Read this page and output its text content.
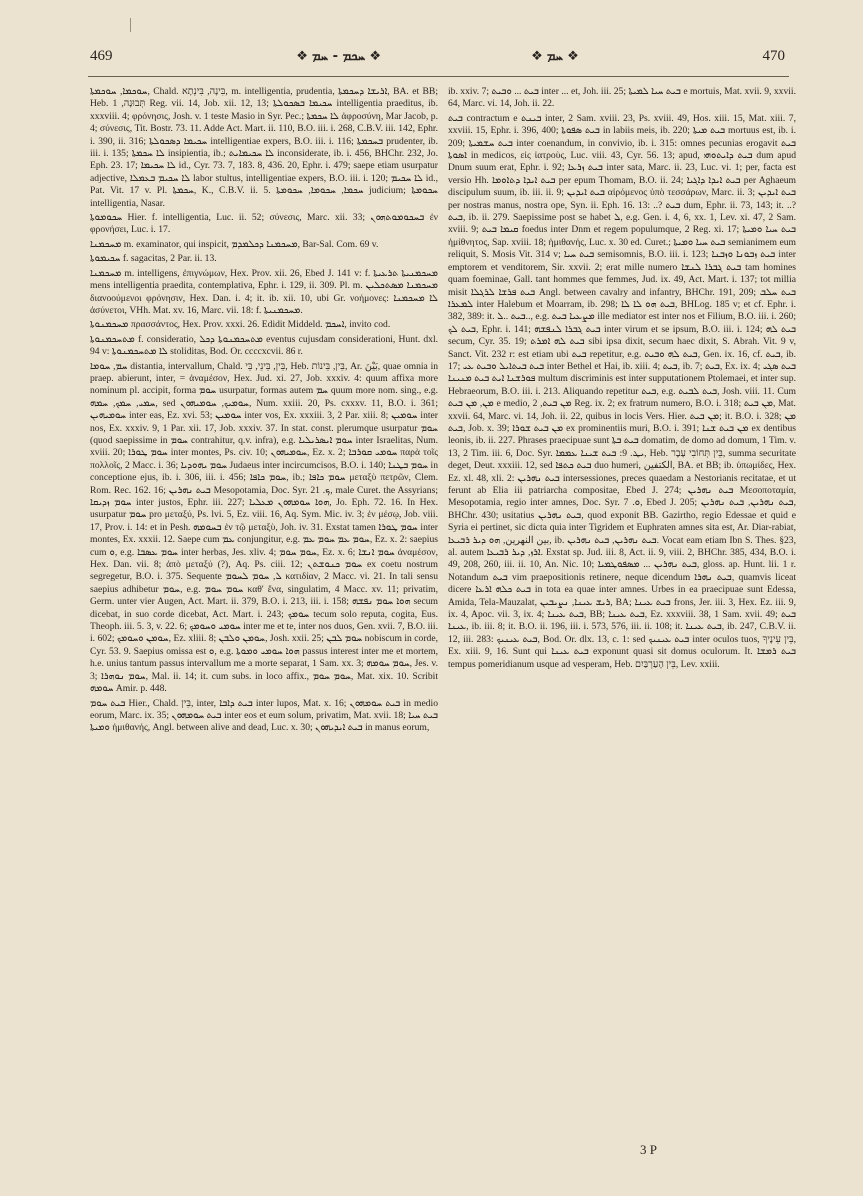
469	❖ ܚܟܡ - ܚܡ ❖	❖ ܚܡ ❖	470

ܚܘܟܡܐ, ܚܘܟܡܬܐ, Chald. בִּינָה, בִּינְתָא, m. intelligentia, prudentia, ܐܪܝܫܐ ܕܚܟܡܬܐ, BA. et BB; Heb. תְּבוּנָה, 1 Reg. vii. 14, Job. xii. 12, 13; ܚܟܝܡܐ ܒܣܟܘܠܬܐ intelligentia praeditus, ib. xxxviii. 4; φρόνησις, Josh. v. 1 teste Masio in Syr. Pec.; ܠܐ ܚܟܡܬܐ ἀφροσύνη, Mar Jacob, p. 4; σύνεσις, Tit. Bostr. 73. 11. Adde Act. Mart. ii. 110, B.O. iii. i. 268, C.B.V. iii. 142, Ephr. i. 390, ii. 316; ܚܟܝܡܐ ܕܣܟܘܠܬܐ intelligentiae expers, B.O. iii. i. 116; ܒܚܟܡܬܐ prudenter, ib. iii. i. 135; ܠܐ ܚܟܡܬܐ insipientia, ib.; ܠܐ ܚܟܝܡܐܝܬ inconsiderate, ib. i. 456, BHChr. 232, Jo. Eph. 23. 17; ܠܐ ܚܟܝܡܐ id., Cyr. 73. 7, 183. 8, 436. 20, Ephr. i. 479; saepe etiam usurpatur adjective, ܠܐ ܚܟܝܡ ܒܥܡܠܐ labor stultus, intelligentiae expers, B.O. iii. i. 120; ܠܐ ܚܟܝܡ id., Pat. Vit. 17 v. Pl. ܚܟܡܬܐ, K., C.B.V. ii. 5. ܚܟܡܐ, ܚܟܘܡܐ, ܚܟܘܡܬܐ judicium; ܚܟܘܡܬܐ intelligentia, Nasar.

ܚܟܘܡܘܬܐ Hier. f. intelligentia, Luc. ii. 52; σύνεσις, Marc. xii. 33; ܒܚܟܘܡܘܬܗܘܢ ἐν φρονήσει, Luc. i. 17.

ܡܚܟܡܢܐ m. examinator, qui inspicit, ܡܚܟܡܢܐ ܕܟܠܡܕܡ, Bar-Sal. Com. 69 v.

ܚܟܝܡܘܬܐ f. sagacitas, 2 Par. ii. 13.

ܡܚܟܡܢܐ m. intelligens, ἐπιγνώμων, Hex. Prov. xii. 26, Ebed J. 141 v: f. ܡܚܟܡܢܝܬܐ ܬܪܥܝܬܐ mens intelligentia praedita, contemplativa, Ephr. i. 129, ii. 309. Pl. m. ܡܚܟܡܢܐ ܡܣܬܟܠܝܢ διανοούμενοι φρόνησιν, Hex. Dan. i. 4; it. ib. xii. 10, ubi Gr. νοήμονες: ܠܐ ܡܚܟܡܢܐ ἀσύνετοι, VHh. Mat. xv. 16, Marc. vii. 18: f. ܡܚܟܡܢܝܬܐ.

ܡܚܟܡܢܘܬܐ πρασσάντος, Hex. Prov. xxxi. 26. Edidit Middeld. ܐܚܟܡ, invito cod.

ܡܬܚܟܡܢܘܬܐ f. consideratio, ܡܬܚܟܡܢܘܬܐ ܕܟܠ eventus cujusdam considerationi, Hunt. dxl. 94 v: ܠܐ ܡܬܚܟܡܢܘܬܐ stoliditas, Bod. Or. ccccxcvii. 86 r.

ܚܡ, ܚܘܡܐ distantia, intervallum, Chald. בֵּין, בֵּינֵי, בֵּי, Heb. בֵּין, בֵּינוֹת, Ar. بَيْنَ, quae omnia in praep. abierunt, inter, = ἀναμέσον, Hex. Jud. xi. 27, Job. xxxiv. 4: quum affixa more nominum pl. accipit, forma ܚܘܡ usurpatur, formas autem ܚܡ quum more nom. sing., e.g. ܚܡܝ, ܚܡܟ, ܚܡܗ, sed ܚܘܡܝܟ, ܚܘܡܝܗܘܢ, Num. xxiii. 20, Ps. cxxxv. 11, B.O. i. 361; ܚܘܡܝܗܝܢ inter eas, Ez. xvi. 53; ܚܘܡܝܢ inter vos, Ex. xxxiii. 3, 2 Par. xiii. 8; ܚܘܡܝܢ inter nos, Ex. xxxiv. 9, 1 Par. xii. 17, Job. xxxiv. 37. In stat. const. plerumque usurpatur ܚܘܡ (quod saepissime in ܚܘܡ contrahitur, q.v. infra), e.g. ܚܘܡ ܐܝܣܪܝܠܝܐ inter Israelitas, Num. xviii. 20; ܚܘܡ ܛܘܪܐ inter montes, Ps. civ. 10; ܚܘܡܝܗܘܢ, Ez. x. 2; ܚܘܡܝ ܩܘܪܒܐ παρὰ τοῖς πολλοῖς, 2 Macc. i. 36; ܚܘܡ ܝܗܘܕܝܐ Judaeus inter incircumcisos, B.O. i. 140; ܚܘܡ ܒܛܢܐ in conceptione ejus, ib. i. 306, iii. i. 456; ܚܘܡ ܟܐܦܐ, ib.; ܚܘܡ ܟܐܦܐ μεταξὺ πετρῶν, Clem. Rom. Rec. 162. 16; ܒܝܬ ܢܗܪܝܢ Mesopotamia, Doc. Syr. ܟ. 21, male Curet. the Assyrians; ܚܘܡ ܙܕܝܩܐ inter justos, Ephr. iii. 227; ܗܘܐ ܚܘܡܗܘܢ ܡܥܠܝܐ, Jo. Eph. 72. 16. In Hex. usurpatur ܚܘܡ pro μεταξύ, Ps. lvi. 5, Ez. viii. 16, Aq. Sym. Mic. iv. 3; ἐν μέσῳ, Job. viii. 17, Prov. i. 14: et in Pesh. ܒܚܘܡܗ ἐν τῷ μεταξὺ, Joh. iv. 31. Exstat tamen ܚܘܡ ܛܘܪܐ inter montes, Ex. xxxii. 12. Saepe cum ܥܡ conjungitur, e.g. ܚܘܡ ܥܡ ܚܘܡ ܥܡ, Ez. x. 2: saepius cum ܘ, e.g. ܚܘܡ ܥܣܒܐ inter herbas, Jes. xliv. 4; ܚܘܡ ܚܘܡ, Ez. x. 6; ܚܘܡ ܐܢܫܐ ἀναμέσον, Hex. Dan. vii. 8; ἀπὸ μεταξύ (?), Aq. Ps. ciii. 12; ܚܘܡ ܟܢܘܫܬܢ ex coetu nostrum segregetur, B.O. i. 375. Sequente ܠ, ܚܘܡ ܠܚܘܡ κατιδίαν, 2 Macc. vi. 21. In tali sensu saepius adhibetur ܚܘܡ, e.g. ܚܘܡ ܚܘܡ καθ' ἕνα, singulatim, 4 Macc. xv. 11; privatim, Germ. unter vier Augen, Act. Mart. ii. 379, B.O. i. 213, iii. i. 158; ܗܘܐ ܚܘܡ ܢܦܫܗ secum dicebat, in suo corde dicebat, Act. Mart. i. 243; ܚܘܡܟ tecum solo reputa, cogita, Eus. Theoph. iii. 5. 3, v. 22. 6; ܚܘܡܝ ܘܚܘܡܟ inter me et te, inter nos duos, Gen. xvii. 7, B.O. iii. i. 602; ܚܘܡܢ ܘܚܘܡܟ, Ez. xliii. 8; ܚܘܡܢ ܘܠܒܢ, Josh. xxii. 25; ܚܘܡ ܠܒܢ nobiscum in corde, Cyr. 53. 9. Saepius omissa est ܘ, e.g. ܗܘܐ ܚܘܡܝ ܘܡܘܬܐ passus interest inter me et mortem, h.e. unius tantum passus intervallum me a morte separat, 1 Sam. xx. 3; ܚܘܡ ܚܘܡܗ, Jes. v. 3; ܚܘܡ ܢܘܗܪܐ, Mal. ii. 14; it. cum subs. in loco affix., ܚܘܡ ܚܘܡ, Mat. xix. 10. Scribit ܚܘܡܗ Amir. p. 448.

ܒܝܬ ܚܘܡ Hier., Chald. בֵּין, inter, ܒܝܬ ܕܐܒܐ inter lupos, Mat. x. 16; ܒܝܬ ܚܘܡܗܘܢ in medio eorum, Marc. ix. 35; ܒܝܬ ܚܘܡܗܘܢ inter eos et eum solum, privatim, Mat. xvii. 18; ܒܝܬ ܚܝܐ ܘܡܝܬܐ ἡμιθανής, Angl. between alive and dead, Luc. x. 30; ܒܝܬ ܐܝܕܝܗܘܢ in manus eorum,

ib. xxiv. 7; ܒܝܬ ... ܘܒܝܬ inter ... et, Joh. iii. 25; ܒܝܬ ܚܝܐ ܠܡܝܬܐ e mortuis, Mat. xvii. 9, xxvii. 64, Marc. vi. 14, Joh. ii. 22.

ܒܝܬ contractum e ܒܝܢܬ inter, 2 Sam. xviii. 23, Ps. xviii. 49, Hos. xiii. 15, Mat. xiii. 7, xxviii. 15, Ephr. i. 396, 400; ܒܝܬ ܣܦܘܬܐ in labiis meis, ib. 220; ܒܝܬ ܡܝܬܐ mortuus est, ib. i. 209; ܒܝܬ ܚܫܡܝܬܐ inter coenandum, in convivio, ib. i. 315: omnes pecunias erogavit ܒܝܬ ܐܣܘܬܐ in medicos, εἰς ἰατροὺς, Luc. viii. 43, Cyr. 56. 13; apud, ܒܝܬ ܕܐܝܬܘܗܝ dum apud Dnum suum erat, Ephr. i. 92; ܒܝܬ ܙܪܥܐ inter sata, Marc. ii. 23, Luc. vi. 1; per, facta est versio Hh. ܒܝܬ ܐܝܕܐ ܕܬܐܘܡܐ per epum Thomam, B.O. ii. 24; ܒܝܬ ܐܝܕܐ ܕܐܓܝܐ per Aghaeum discipulum suum, ib. iii. ii. 9; ܒܝܬ ܐܝܕܝܢ αἱρόμενος ὑπὸ τεσσάρων, Marc. ii. 3; ܒܝܬ ܐܝܕܝܢ per nostras manus, nostra ope, Syn. ii. Eph. 16. 13: ..? ܒܝܬ dum, Ephr. ii. 73, 143; it. ..? ܒܝܬ, ib. ii. 279. Saepissime post se habet ܠ, e.g. Gen. i. 4, 6, xx. 1, Lev. xi. 47, 2 Sam. xviii. 9; ܩܝܡܐ ܒܝܬ foedus inter Dnm et regem populumque, 2 Reg. xi. 17; ܒܝܬ ܚܝܐ ܘܡܝܬܐ ἡμίθνητος, Sap. xviii. 18; ἡμιθανής, Luc. x. 30 ed. Curet.; ܒܝܬ ܚܝܐ ܘܡܝܬܐ semianimem eum reliquit, S. Mosis Vit. 314 v; ܒܝܬ ܚܝܐ semisomnis, B.O. iii. i. 123; ܒܝܬ ܙܒܘܢܐ ܘܙܒܢܐ inter emptorem et venditorem, Sir. xxvii. 2; erat mille numero ܒܝܬ ܓܒܪܐ ܠܢܫܐ tam homines quam foeminae, Gall. tant hommes que femmes, Jud. ix. 49, Act. Mart. i. 137; tot millia misit ܒܝܬ ܦܪܫܐ ܠܪܓܠܐ Angl. between cavalry and infantry, BHChr. 191, 209; ܒܝܬ ܚܠܒ ܠܡܥܪܐ inter Halebum et Moarram, ib. 298; ܒܝܬ ܗܘ ܠܐ ܠܐ, BHLog. 185 v; et cf. Ephr. i. 382, 389: it. ܒܝܬ ..ܠ.., e.g. ܡܨܥܝܐ ܒܝܬ ille mediator est inter nos et Filium, B.O. iii. i. 260; ܒܝܬ ܠܟ, Ephr. i. 141; ܒܝܬ ܓܒܪܐ ܠܢܦܫܗ inter virum et se ipsum, B.O. iii. i. 124; ܒܝܬ ܠܗ secum, Cyr. 35. 19; ܒܝܬ ܠܗ ܐܡܪܬ sibi ipsa dixit, secum haec dixit, S. Abrah. Vit. 9 v, Sanct. Vit. 232 r: est etiam ubi ܒܝܬ repetitur, e.g. ܒܝܬ ܠܗ ܘܒܝܬ, Gen. ix. 16, cf. ܒܝܬ, ib. 17; ܒܝܬ ܒܝܬܐܝܠ ܘܒܝܬ ܥܝ inter Bethel et Hai, ib. xiii. 4; ܒܝܬ, ib. 7; ܒܝܬ, Ex. ix. 4; ܒܝܬ ܣܓܝ ܦܘܪܫܢܐ ܐܝܬ ܒܝܬ ܡܢܝܢܐ multum discriminis est inter supputationem Ptolemaei, et inter sup. Hebraeorum, B.O. iii. i. 213. Aliquando repetitur ܒܝܬ, e.g. ܒܝܬ ܠܒܝܬ, Josh. viii. 11. Cum ܡܢ, ܡܢ ܒܝܬ e medio, ܡܢ ܒܝܬ, 2 Reg. ix. 2; ex fratrum numero, B.O. i. 318; ܡܢ ܒܝܬ, Mat. xxvii. 64, Marc. vi. 14, Joh. ii. 22, quibus in locis Vers. Hier. ܡܢ ܒܝܬ; it. B.O. i. 328; ܡܢ ܒܝܬ, Job. x. 39; ܡܢ ܒܝܬ ܫܘܪܐ ex prominentiis muri, B.O. i. 391; ܡܢ ܒܝܬ ܫܢܐ ex dentibus leonis, ib. ii. 227. Phrases praecipuae sunt ܒܝܬ ܒܬܐ domatim, de domo ad domum, 1 Tim. v. 13, 2 Tim. iii. 6, Doc. Syr. ܝܛ. 9: ܒܝܬ ܫܝܢܐ ܥܡܡܐ, Heb. בֵּין תְּחוֹבִי עָבֶר, summa securitate deget, Deut. xxxiii. 12, sed ܒܝܬ ܟܬܦܐ duo humeri, الكتفين, BA. et BB; ib. ὑπωμίδες, Hex. Ez. xl. 48, xli. 2: ܒܝܬ ܢܗܪܝܢ intersessiones, preces quaedam a Nestorianis recitatae, et ut ferunt ab Elia iii patriarcha compositae, Ebed J. 274; ܒܝܬ ܢܗܪܝܢ Μεσοποταμία, Mesopotamia, regio inter amnes, Doc. Syr. ܘ. 7, Ebed J. 205; ܒܝܬ ܢܗܪܝܢ, ܒܝܬ ܢܗܪܝܢ, BHChr. 430; usitatius ܒܝܬ ܢܗܪܝܢ, quod exponit BB. Gazirtho, regio Edessae et quid e Syria ei pertinet, sic dicta quia inter Tigridem et Euphraten amnes sita est, Ar. Diar-rabiat, بين النهرين, ܗܘ ܕܝܪ ܪܒܝܥܐ, ib. ܒܝܬ ܢܗܪܝܢ, ܒܝܬ ܢܗܪܝܢ. Vocat eam etiam Ibn S. Thes. §23, al. autem ܐܪܙ, ܕܝܪ ܪܒܝܥܐ. Exstat sp. Jud. iii. 8, Act. ii. 9, viii. 2, BHChr. 385, 434, B.O. i. 49, 208, 260, iii. ii. 10, An. Nic. 10; ܒܝܬ ܢܗܪܝܢ ... ܡܣܦܘܛܡܝܐ, gloss. ap. Hunt. lii. 1 r. Notandum ܒܝܬ vim praepositionis retinere, neque dicendum ܒܝܬ ܢܗܪܐ, quamvis liceat dicere ܒܝܬ ܟܠܗ ܐܪܥܐ in tota ea quae inter amnes. Urbes in ea praecipuae sunt Edessa, Amida, Tela-Mauzalat, ܪܝܫ ܥܝܢܐ, ܢܨܝܒܝܢ, BA; ܒܝܬ ܥܝܢܐ frons, Jer. iii. 3, Hex. Ez. iii. 9, ix. 4, Apoc. vii. 3, ix. 4; ܒܝܬ ܥܝܢܐ, BB; ܒܝܬ ܥܝܢܐ, Ez. xxxviii. 38, 1 Sam. xvii. 49; ܒܝܬ ܥܝܢܐ, ib. iii. 8; it. B.O. ii. 196, iii. i. 573, 576, iii. ii. 108; it. ܒܝܬ ܥܝܢܐ, ib. 247, C.B.V. ii. 12, iii. 283: ܒܝܬ ܥܝܢܝܟ, Bod. Or. dlx. 13, c. 1: sed ܒܝܬ ܥܝܢܝܟ inter oculos tuos, בֵּין עֵינֶיךָ, Ex. xiii. 9, 16. Sunt qui ܒܝܬ ܥܝܢܐ exponunt quasi sit domus oculorum. It. ܒܝܬ ܪܡܫܐ tempus pomeridianum usque ad vesperam, Heb. בֵּין הָעַרְבַּיִם, Lev. xxiii.

3 P
